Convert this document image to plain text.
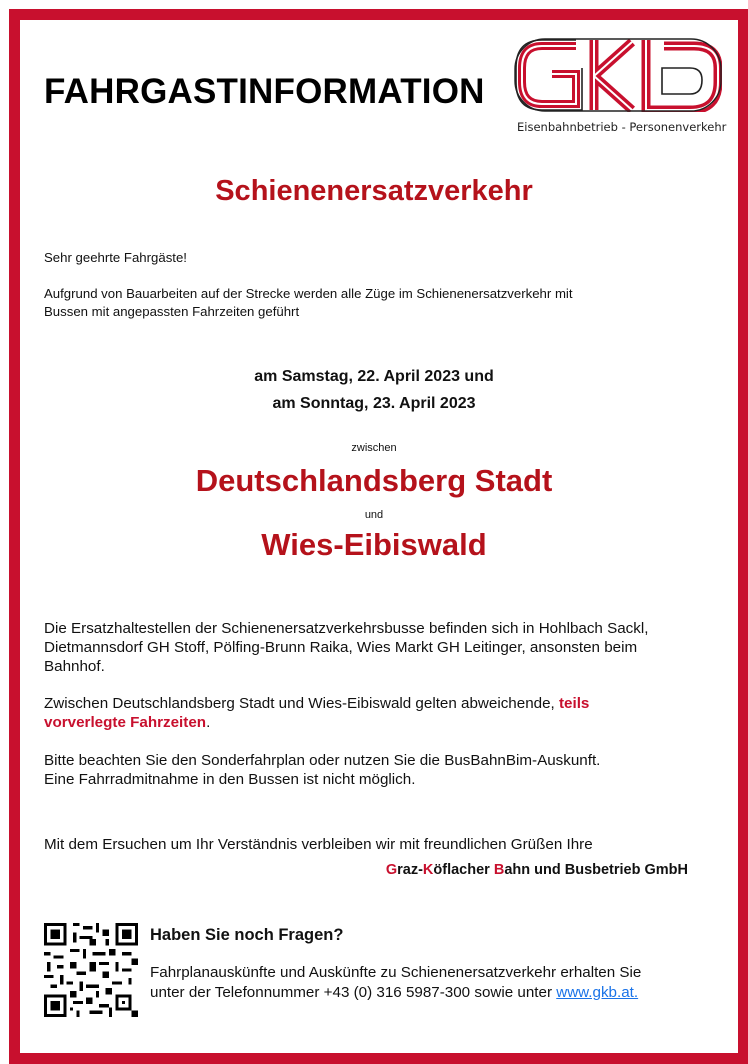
FAHRGASTINFORMATION
Eisenbahnbetrieb - Personenverkehr
Schienenersatzverkehr
Sehr geehrte Fahrgäste!
Aufgrund von Bauarbeiten auf der Strecke werden alle Züge im Schienenersatzverkehr mit
Bussen mit angepassten Fahrzeiten geführt
am Samstag, 22. April 2023 und
am Sonntag, 23. April 2023
zwischen
Deutschlandsberg Stadt
und
Wies-Eibiswald
Die Ersatzhaltestellen der Schienenersatzverkehrsbusse befinden sich in Hohlbach Sackl,
Dietmannsdorf GH Stoff, Pölfing-Brunn Raika, Wies Markt GH Leitinger, ansonsten beim
Bahnhof.
Zwischen Deutschlandsberg Stadt und Wies-Eibiswald gelten abweichende, teils
vorverlegte Fahrzeiten.
Bitte beachten Sie den Sonderfahrplan oder nutzen Sie die BusBahnBim-Auskunft.
Eine Fahrradmitnahme in den Bussen ist nicht möglich.
Mit dem Ersuchen um Ihr Verständnis verbleiben wir mit freundlichen Grüßen Ihre
Graz-Köflacher Bahn und Busbetrieb GmbH
Haben Sie noch Fragen?
Fahrplanauskünfte und Auskünfte zu Schienenersatzverkehr erhalten Sie
unter der Telefonnummer +43 (0) 316 5987-300 sowie unter www.gkb.at.
